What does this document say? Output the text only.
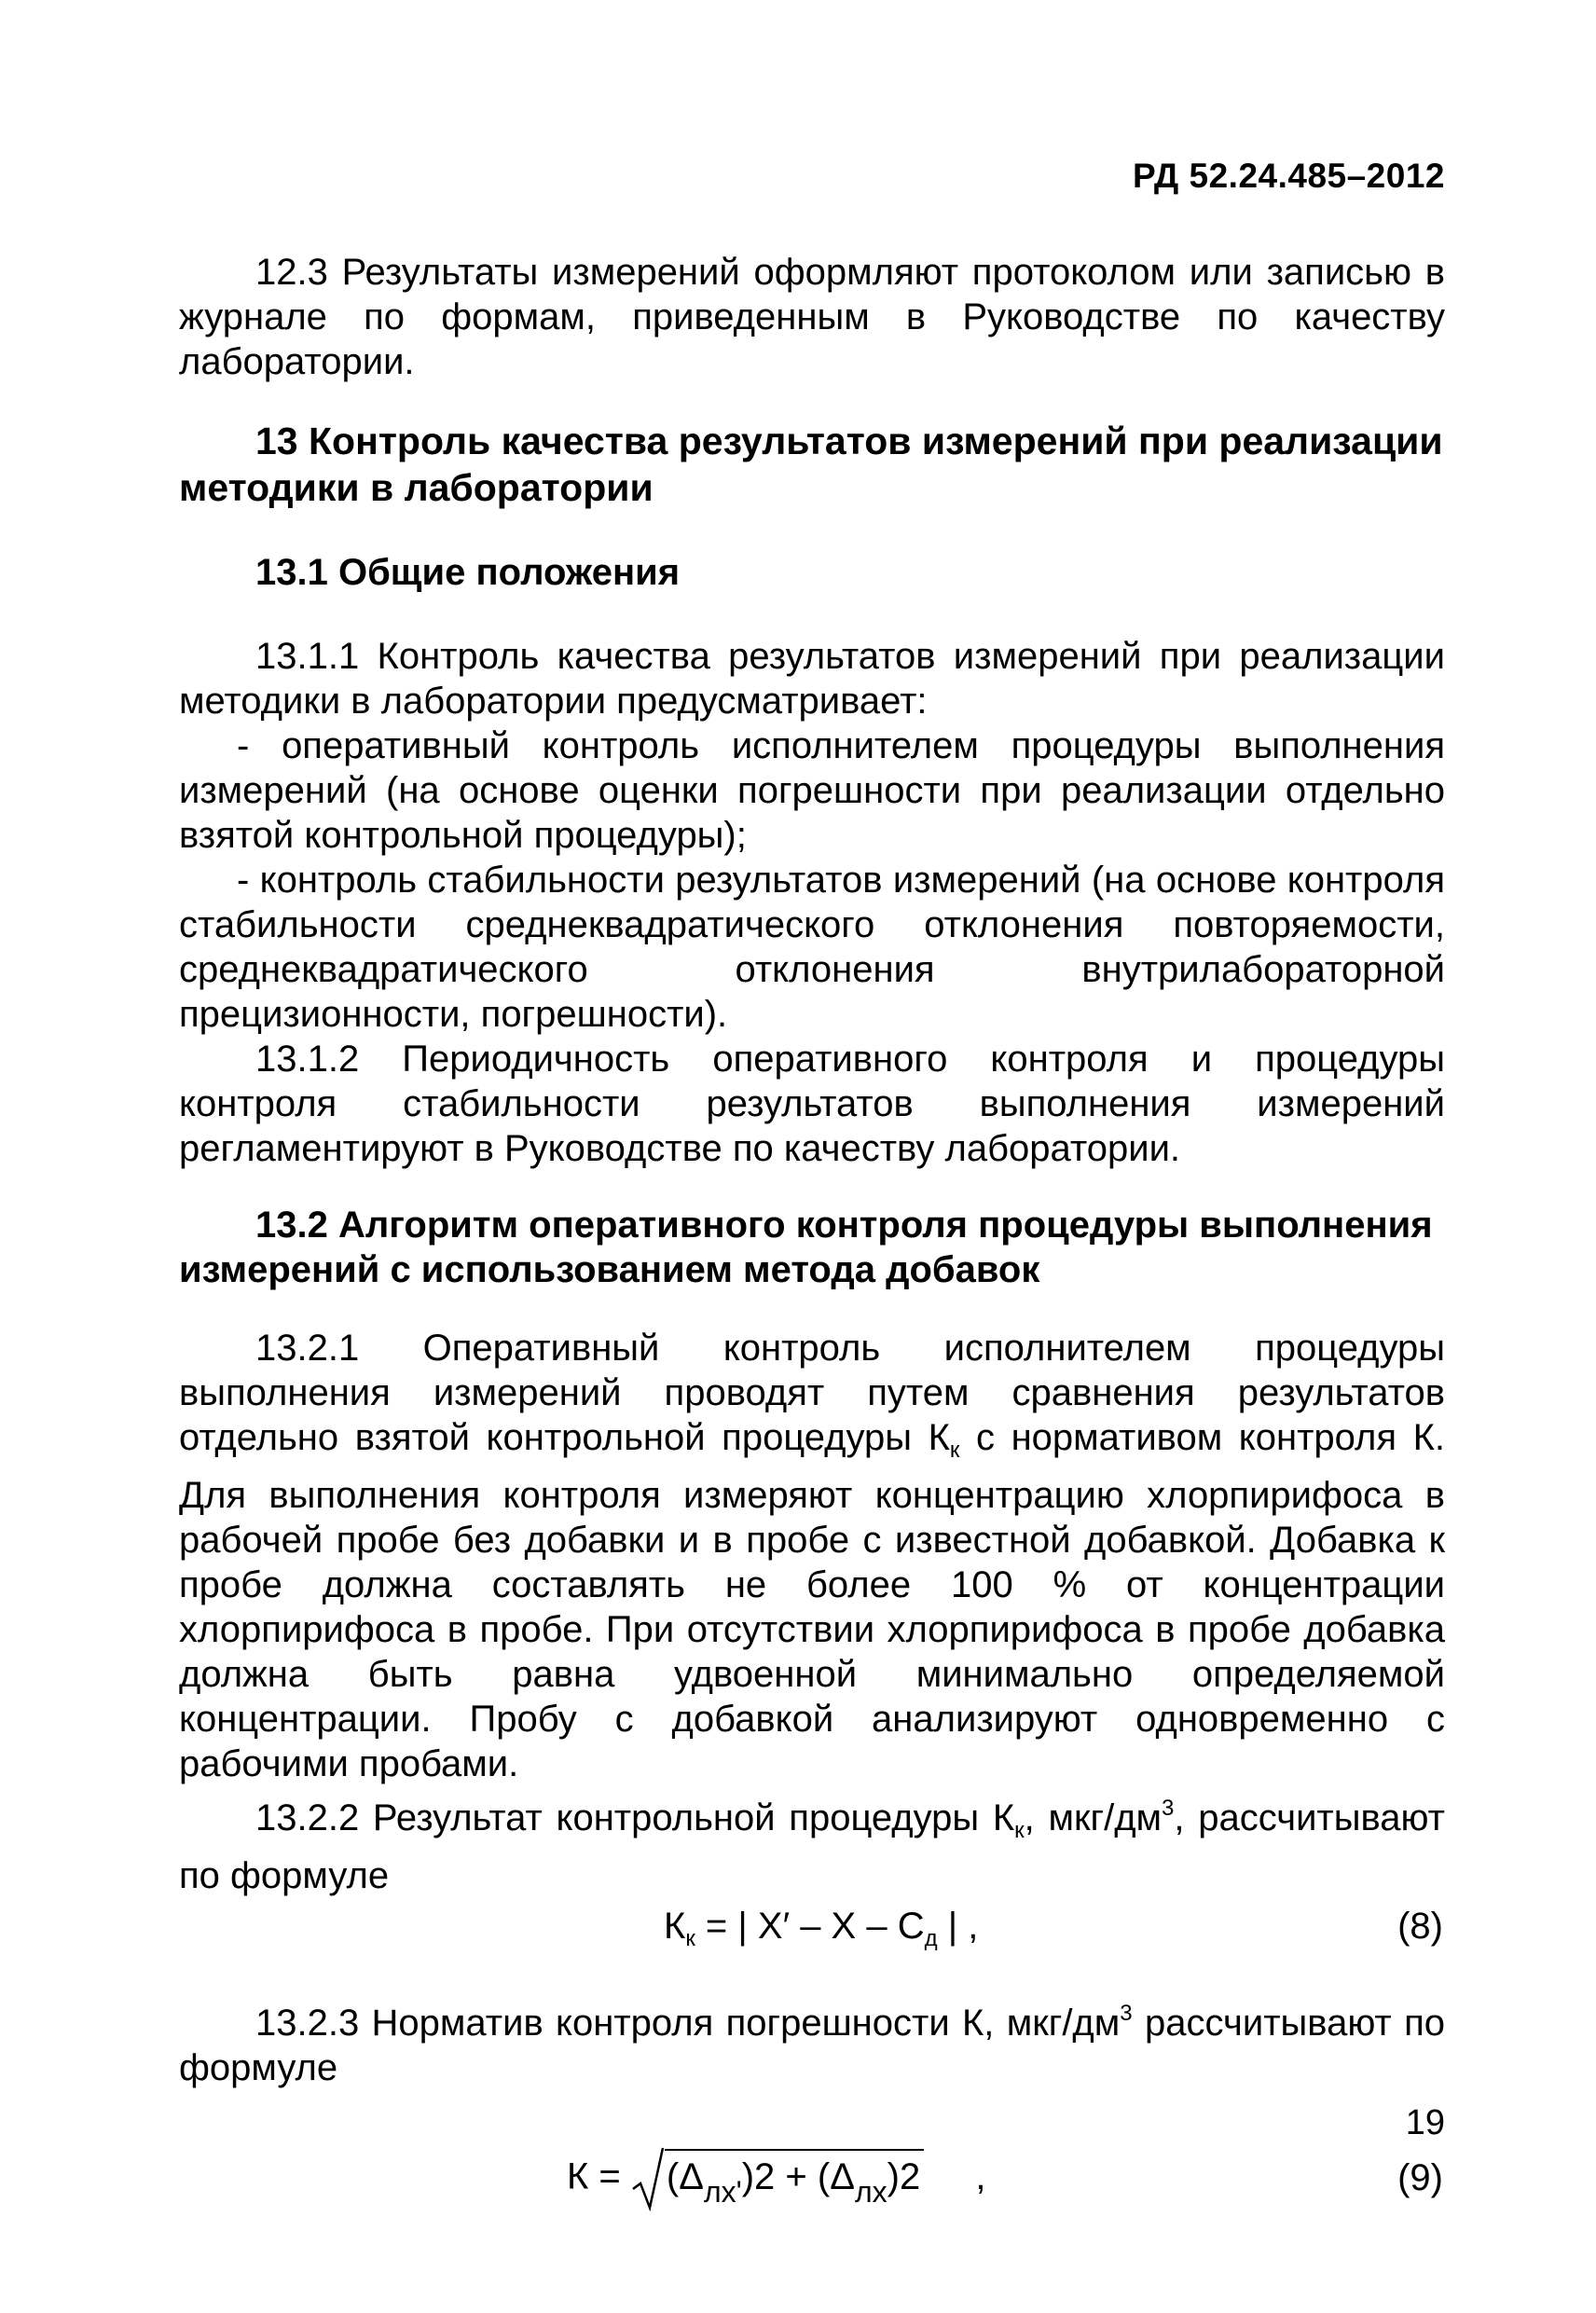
РД 52.24.485–2012

12.3 Результаты измерений оформляют протоколом или записью в журнале по формам, приведенным в Руководстве по качеству лаборатории.

13 Контроль качества результатов измерений при реализации методики в лаборатории

13.1 Общие положения

13.1.1 Контроль качества результатов измерений при реализации методики в лаборатории предусматривает:

- оперативный контроль исполнителем процедуры выполнения измерений (на основе оценки погрешности при реализации отдельно взятой контрольной процедуры);

- контроль стабильности результатов измерений (на основе контроля стабильности среднеквадратического отклонения повторяемости, среднеквадратического отклонения внутрилабораторной прецизионности, погрешности).

13.1.2 Периодичность оперативного контроля и процедуры контроля стабильности результатов выполнения измерений регламентируют в Руководстве по качеству лаборатории.

13.2 Алгоритм оперативного контроля процедуры выполнения измерений с использованием метода добавок

13.2.1 Оперативный контроль исполнителем процедуры выполнения измерений проводят путем сравнения результатов отдельно взятой контрольной процедуры $К_к$ с нормативом контроля К. Для выполнения контроля измеряют концентрацию хлорпирифоса в рабочей пробе без добавки и в пробе с известной добавкой. Добавка к пробе должна составлять не более 100 % от концентрации хлорпирифоса в пробе. При отсутствии хлорпирифоса в пробе добавка должна быть равна удвоенной минимально определяемой концентрации. Пробу с добавкой анализируют одновременно с рабочими пробами.

13.2.2 Результат контрольной процедуры $К_к$, мкг/$дм^3$, рассчитывают по формуле

$К_к$ = | X′ – X – $С_д$ | ,	(8)

13.2.3 Норматив контроля погрешности К, мкг/$дм^3$ рассчитывают по формуле

$К = (\Delta_{лх'})2 + (\Delta_{лх})2$ ,	(9)
19
